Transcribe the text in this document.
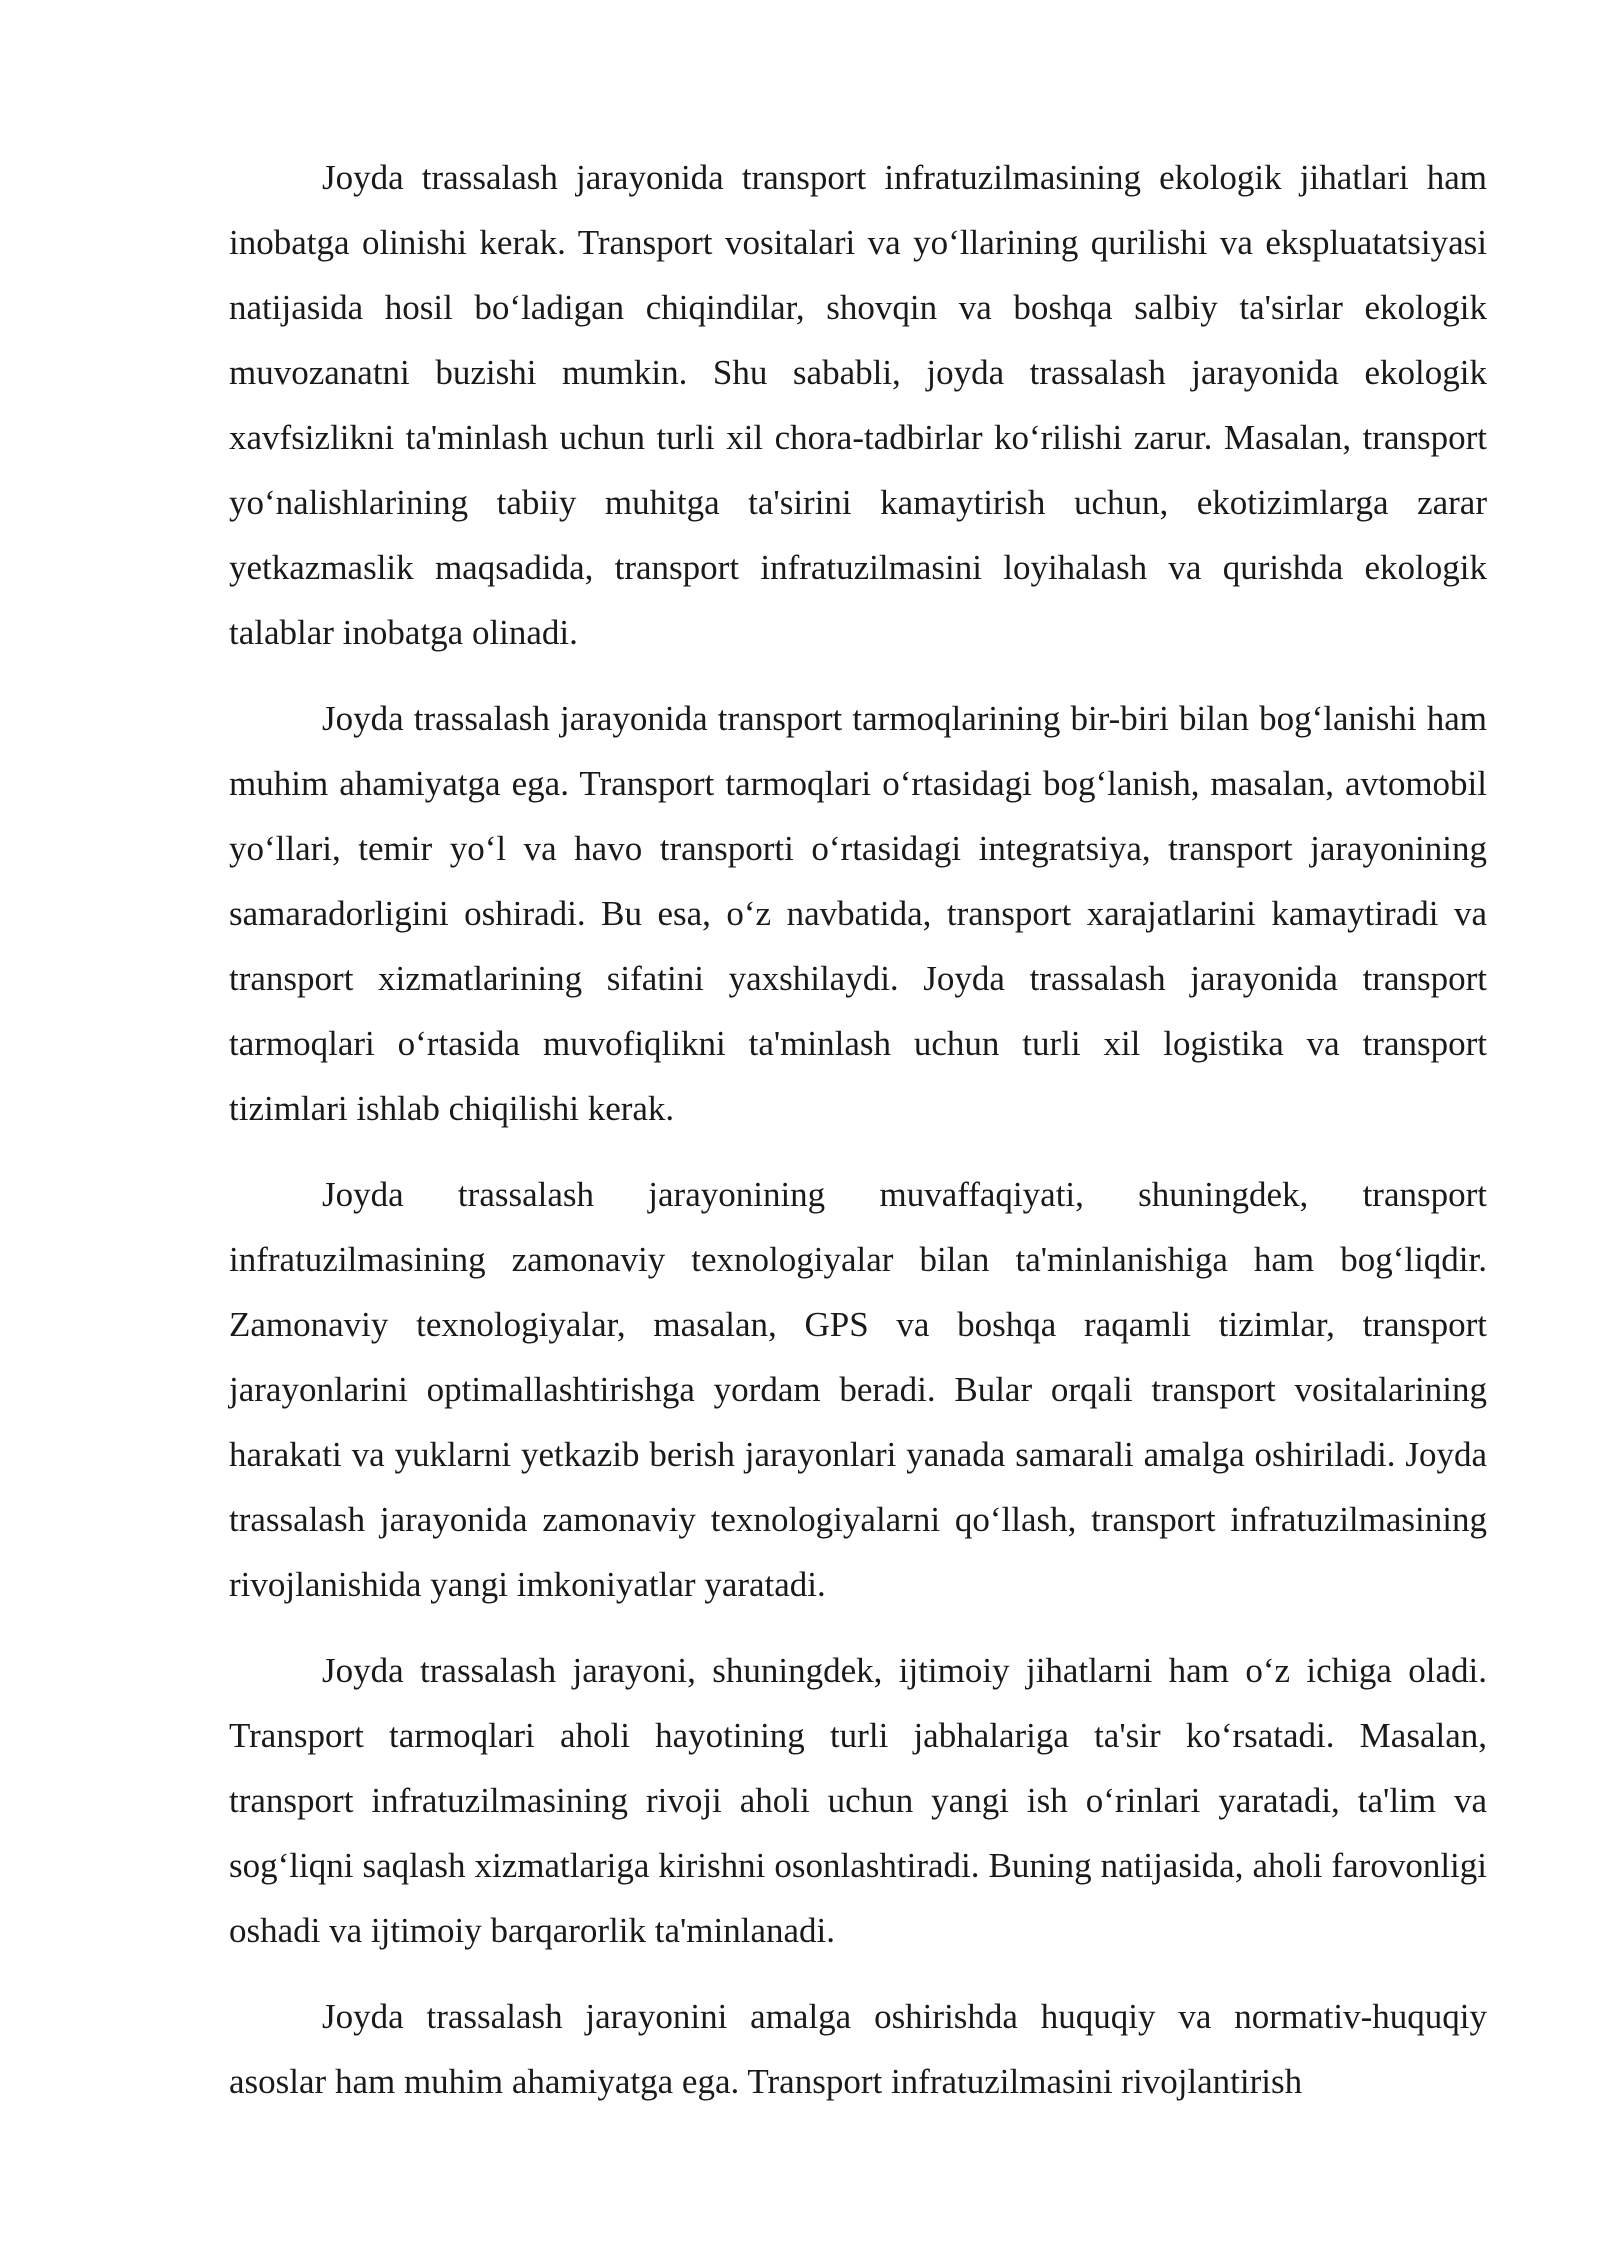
Joyda trassalash jarayonida transport infratuzilmasining ekologik jihatlari ham inobatga olinishi kerak. Transport vositalari va yo‘llarining qurilishi va ekspluatatsiyasi natijasida hosil bo‘ladigan chiqindilar, shovqin va boshqa salbiy ta'sirlar ekologik muvozanatni buzishi mumkin. Shu sababli, joyda trassalash jarayonida ekologik xavfsizlikni ta'minlash uchun turli xil chora-tadbirlar ko‘rilishi zarur. Masalan, transport yo‘nalishlarining tabiiy muhitga ta'sirini kamaytirish uchun, ekotizimlarga zarar yetkazmaslik maqsadida, transport infratuzilmasini loyihalash va qurishda ekologik talablar inobatga olinadi.

Joyda trassalash jarayonida transport tarmoqlarining bir-biri bilan bog‘lanishi ham muhim ahamiyatga ega. Transport tarmoqlari o‘rtasidagi bog‘lanish, masalan, avtomobil yo‘llari, temir yo‘l va havo transporti o‘rtasidagi integratsiya, transport jarayonining samaradorligini oshiradi. Bu esa, o‘z navbatida, transport xarajatlarini kamaytiradi va transport xizmatlarining sifatini yaxshilaydi. Joyda trassalash jarayonida transport tarmoqlari o‘rtasida muvofiqlikni ta'minlash uchun turli xil logistika va transport tizimlari ishlab chiqilishi kerak.

Joyda trassalash jarayonining muvaffaqiyati, shuningdek, transport infratuzilmasining zamonaviy texnologiyalar bilan ta'minlanishiga ham bog‘liqdir. Zamonaviy texnologiyalar, masalan, GPS va boshqa raqamli tizimlar, transport jarayonlarini optimallashtirishga yordam beradi. Bular orqali transport vositalarining harakati va yuklarni yetkazib berish jarayonlari yanada samarali amalga oshiriladi. Joyda trassalash jarayonida zamonaviy texnologiyalarni qo‘llash, transport infratuzilmasining rivojlanishida yangi imkoniyatlar yaratadi.

Joyda trassalash jarayoni, shuningdek, ijtimoiy jihatlarni ham o‘z ichiga oladi. Transport tarmoqlari aholi hayotining turli jabhalariga ta'sir ko‘rsatadi. Masalan, transport infratuzilmasining rivoji aholi uchun yangi ish o‘rinlari yaratadi, ta'lim va sog‘liqni saqlash xizmatlariga kirishni osonlashtiradi. Buning natijasida, aholi farovonligi oshadi va ijtimoiy barqarorlik ta'minlanadi.

Joyda trassalash jarayonini amalga oshirishda huquqiy va normativ-huquqiy asoslar ham muhim ahamiyatga ega. Transport infratuzilmasini rivojlantirish
